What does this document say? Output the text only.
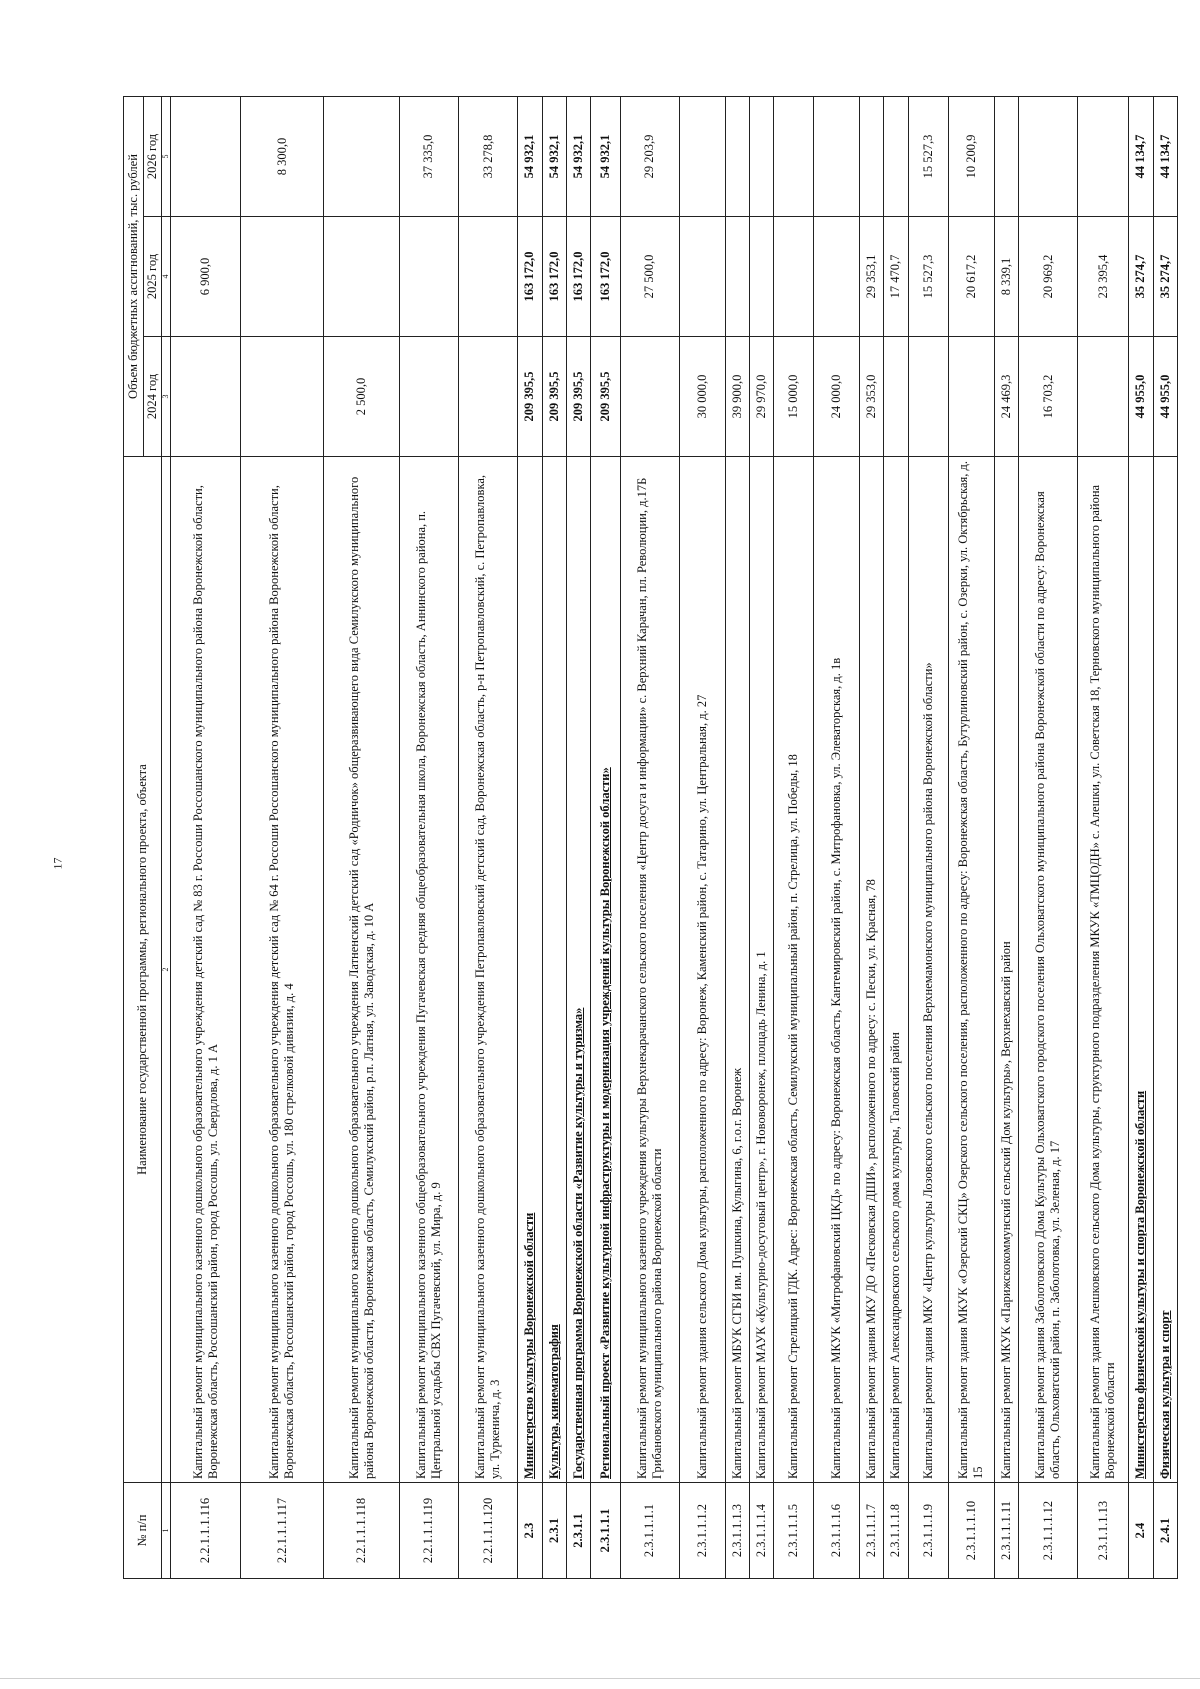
17
№ п/п	Наименование государственной программы, регионального проекта, объекта	Объем бюджетных ассигнований, тыс. рублей		
		2024 год	2025 год	2026 год
1	2	3	4	5
2.2.1.1.1.116	Капитальный ремонт муниципального казенного дошкольного образовательного учреждения детский сад № 83 г. Россоши Россошанского муниципального района Воронежской области, Воронежская область, Россошанский район, город Россошь, ул. Свердлова, д. 1 А		6 900,0	
2.2.1.1.1.117	Капитальный ремонт муниципального казенного дошкольного образовательного учреждения детский сад № 64 г. Россоши Россошанского муниципального района Воронежской области, Воронежская область, Россошанский район, город Россошь, ул. 180 стрелковой дивизии, д. 4			8 300,0
2.2.1.1.1.118	Капитальный ремонт муниципального казенного дошкольного образовательного учреждения Латненский детский сад «Родничок» общеразвивающего вида Семилукского муниципального района Воронежской области, Воронежская область, Семилукский район, р.п. Латная, ул. Заводская, д. 10 А	2 500,0		
2.2.1.1.1.119	Капитальный ремонт муниципального казенного общеобразовательного учреждения Пугачевская средняя общеобразовательная школа, Воронежская область, Аннинского района, п. Центральной усадьбы СВХ Пугачевский, ул. Мира, д. 9			37 335,0
2.2.1.1.1.120	Капитальный ремонт муниципального казенного дошкольного образовательного учреждения Петропавловский детский сад, Воронежская область, р-н Петропавловский, с. Петропавловка, ул. Туркенича, д. 3			33 278,8
2.3	Министерство культуры Воронежской области	209 395,5	163 172,0	54 932,1
2.3.1	Культура, кинематография	209 395,5	163 172,0	54 932,1
2.3.1.1	Государственная программа Воронежской области «Развитие культуры и туризма»	209 395,5	163 172,0	54 932,1
2.3.1.1.1	Региональный проект «Развитие культурной инфраструктуры и модернизация учреждений культуры Воронежской области»	209 395,5	163 172,0	54 932,1
2.3.1.1.1.1	Капитальный ремонт муниципального казенного учреждения культуры Верхнекарачанского сельского поселения «Центр досуга и информации» с. Верхний Карачан, пл. Революции, д.17Б Грибановского муниципального района Воронежской области		27 500,0	29 203,9
2.3.1.1.1.2	Капитальный ремонт здания сельского Дома культуры, расположенного по адресу: Воронеж, Каменский район, с. Татарино, ул. Центральная, д. 27	30 000,0		
2.3.1.1.1.3	Капитальный ремонт МБУК СГБИ им. Пушкина, Кулыгина, 6, г.о.г. Воронеж	39 900,0		
2.3.1.1.1.4	Капитальный ремонт МАУК «Культурно-досуговый центр», г. Нововоронеж, площадь Ленина, д. 1	29 970,0		
2.3.1.1.1.5	Капитальный ремонт Стрелицкий ГДК. Адрес: Воронежская область, Семилукский муниципальный район, п. Стрелица, ул. Победы, 18	15 000,0		
2.3.1.1.1.6	Капитальный ремонт МКУК «Митрофановский ЦКД» по адресу: Воронежская область, Кантемировский район, с. Митрофановка, ул. Элеваторская, д. 1в	24 000,0		
2.3.1.1.1.7	Капитальный ремонт здания МКУ ДО «Песковская ДШИ», расположенного по адресу: с. Пески, ул. Красная, 78	29 353,0	29 353,1	
2.3.1.1.1.8	Капитальный ремонт Александровского сельского дома культуры, Таловский район		17 470,7	
2.3.1.1.1.9	Капитальный ремонт здания МКУ «Центр культуры Лозовского сельского поселения Верхнемамонского муниципального района Воронежской области»		15 527,3	15 527,3
2.3.1.1.1.10	Капитальный ремонт здания МКУК «Озерский СКЦ» Озерского сельского поселения, расположенного по адресу: Воронежская область, Бутурлиновский район, с. Озерки, ул. Октябрьская, д. 15		20 617,2	10 200,9
2.3.1.1.1.11	Капитальный ремонт МКУК «Парижскокоммунский сельский Дом культуры», Верхнехавский район	24 469,3	8 339,1	
2.3.1.1.1.12	Капитальный ремонт здания Заболотовского Дома Культуры Ольховатского городского поселения Ольховатского муниципального района Воронежской области по адресу: Воронежская область, Ольховатский район, п. Заболотовка, ул. Зеленая, д. 17	16 703,2	20 969,2	
2.3.1.1.1.13	Капитальный ремонт здания Алешковского сельского Дома культуры, структурного подразделения МКУК «ТМЦОДН» с. Алешки, ул. Советская 18, Терновского муниципального района Воронежской области		23 395,4	
2.4	Министерство физической культуры и спорта Воронежской области	44 955,0	35 274,7	44 134,7
2.4.1	Физическая культура и спорт	44 955,0	35 274,7	44 134,7
